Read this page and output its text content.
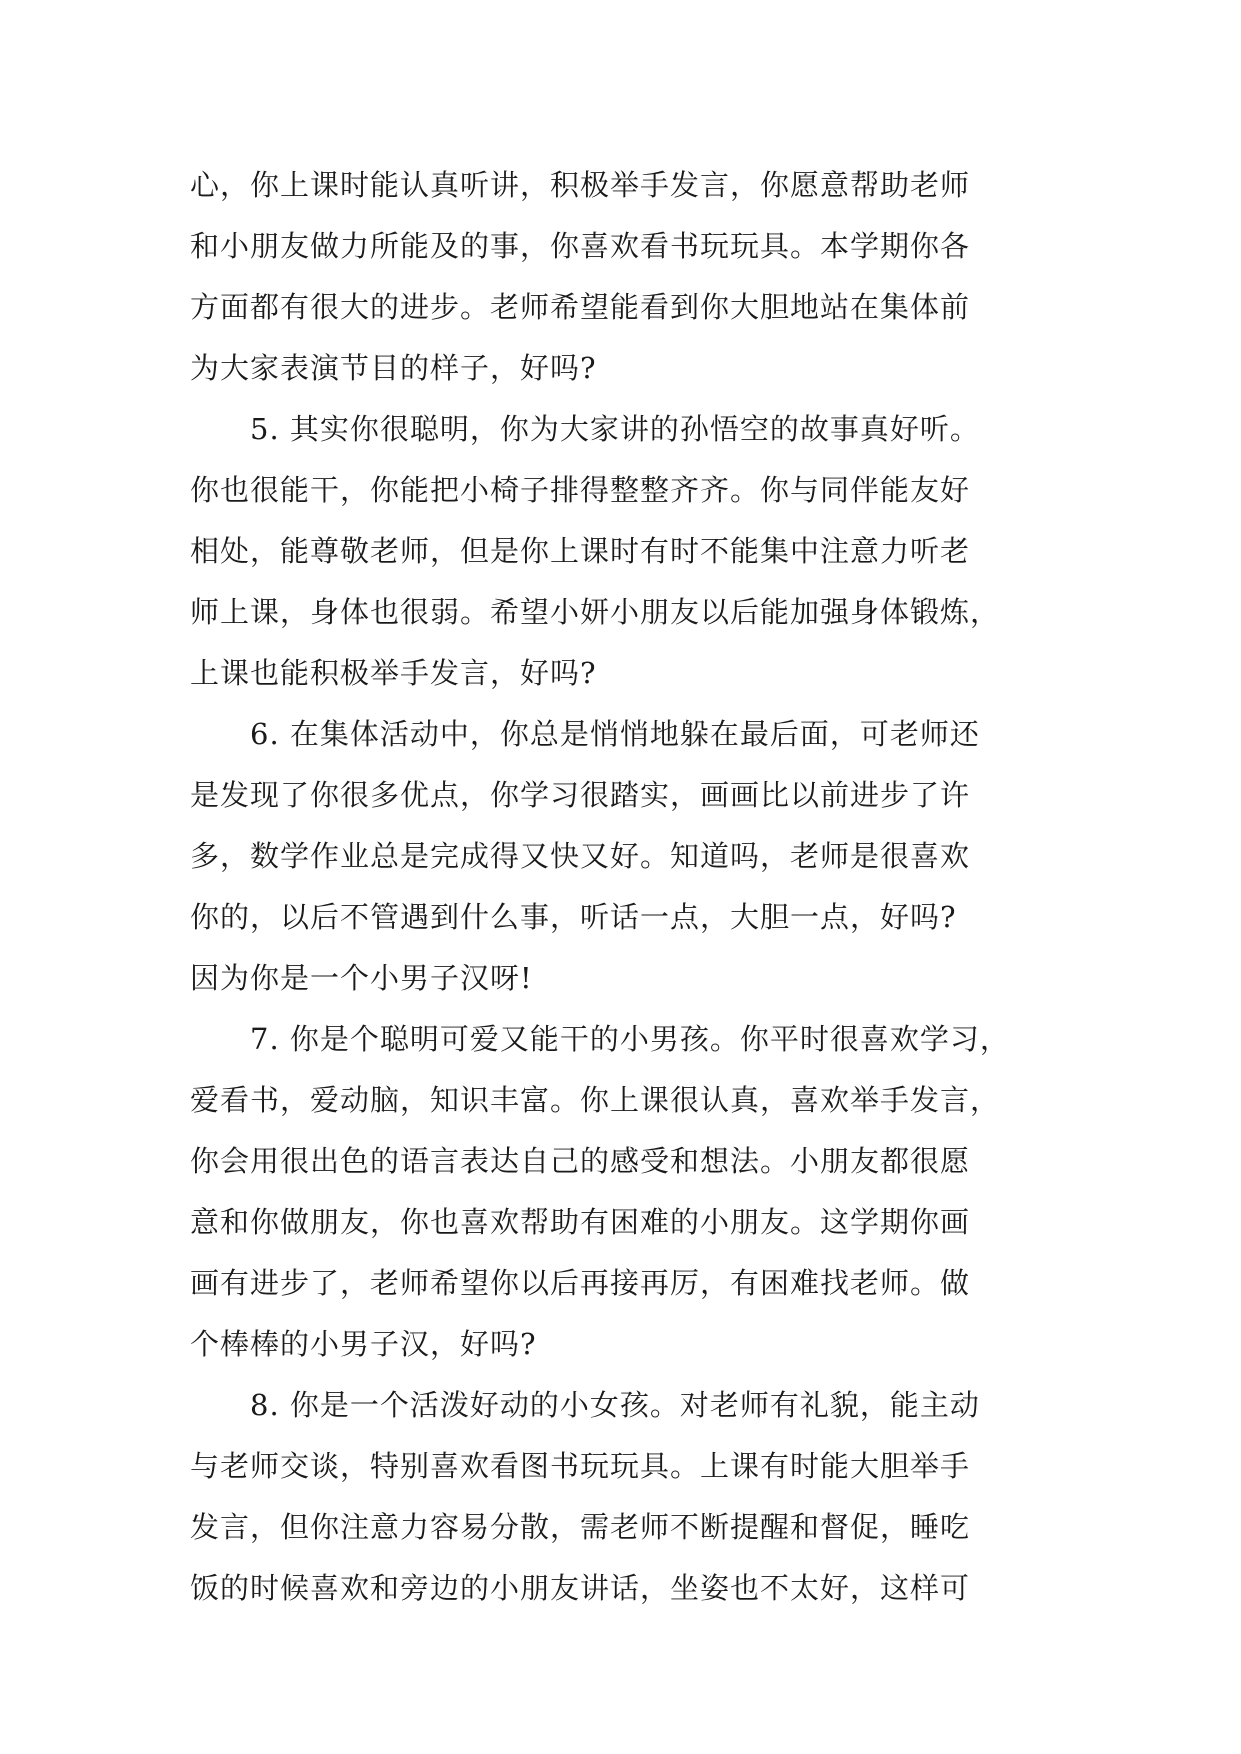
心，你上课时能认真听讲，积极举手发言，你愿意帮助老师
和小朋友做力所能及的事，你喜欢看书玩玩具。本学期你各
方面都有很大的进步。老师希望能看到你大胆地站在集体前
为大家表演节目的样子，好吗?
　　5. 其实你很聪明，你为大家讲的孙悟空的故事真好听。
你也很能干，你能把小椅子排得整整齐齐。你与同伴能友好
相处，能尊敬老师，但是你上课时有时不能集中注意力听老
师上课，身体也很弱。希望小妍小朋友以后能加强身体锻炼，
上课也能积极举手发言，好吗?
　　6. 在集体活动中，你总是悄悄地躲在最后面，可老师还
是发现了你很多优点，你学习很踏实，画画比以前进步了许
多，数学作业总是完成得又快又好。知道吗，老师是很喜欢
你的，以后不管遇到什么事，听话一点，大胆一点，好吗?
因为你是一个小男子汉呀!
　　7. 你是个聪明可爱又能干的小男孩。你平时很喜欢学习，
爱看书，爱动脑，知识丰富。你上课很认真，喜欢举手发言，
你会用很出色的语言表达自己的感受和想法。小朋友都很愿
意和你做朋友，你也喜欢帮助有困难的小朋友。这学期你画
画有进步了，老师希望你以后再接再厉，有困难找老师。做
个棒棒的小男子汉，好吗?
　　8. 你是一个活泼好动的小女孩。对老师有礼貌，能主动
与老师交谈，特别喜欢看图书玩玩具。上课有时能大胆举手
发言，但你注意力容易分散，需老师不断提醒和督促，睡吃
饭的时候喜欢和旁边的小朋友讲话，坐姿也不太好，这样可
